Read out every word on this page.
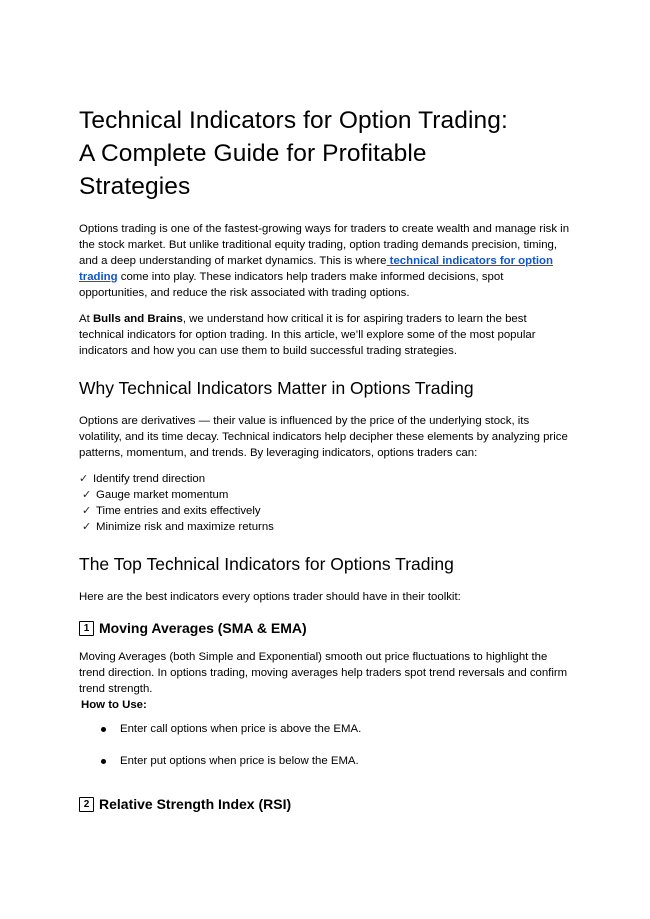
Technical Indicators for Option Trading:
A Complete Guide for Profitable
Strategies

Options trading is one of the fastest-growing ways for traders to create wealth and manage risk in the stock market. But unlike traditional equity trading, option trading demands precision, timing, and a deep understanding of market dynamics. This is where technical indicators for option trading come into play. These indicators help traders make informed decisions, spot opportunities, and reduce the risk associated with trading options.

At Bulls and Brains, we understand how critical it is for aspiring traders to learn the best technical indicators for option trading. In this article, we’ll explore some of the most popular indicators and how you can use them to build successful trading strategies.

Why Technical Indicators Matter in Options Trading

Options are derivatives — their value is influenced by the price of the underlying stock, its volatility, and its time decay. Technical indicators help decipher these elements by analyzing price patterns, momentum, and trends. By leveraging indicators, options traders can:

✓ Identify trend direction
✓ Gauge market momentum
✓ Time entries and exits effectively
✓ Minimize risk and maximize returns
The Top Technical Indicators for Options Trading

Here are the best indicators every options trader should have in their toolkit:

1 Moving Averages (SMA & EMA)

Moving Averages (both Simple and Exponential) smooth out price fluctuations to highlight the trend direction. In options trading, moving averages help traders spot trend reversals and confirm trend strength.

How to Use:
Enter call options when price is above the EMA.
Enter put options when price is below the EMA.
2 Relative Strength Index (RSI)
